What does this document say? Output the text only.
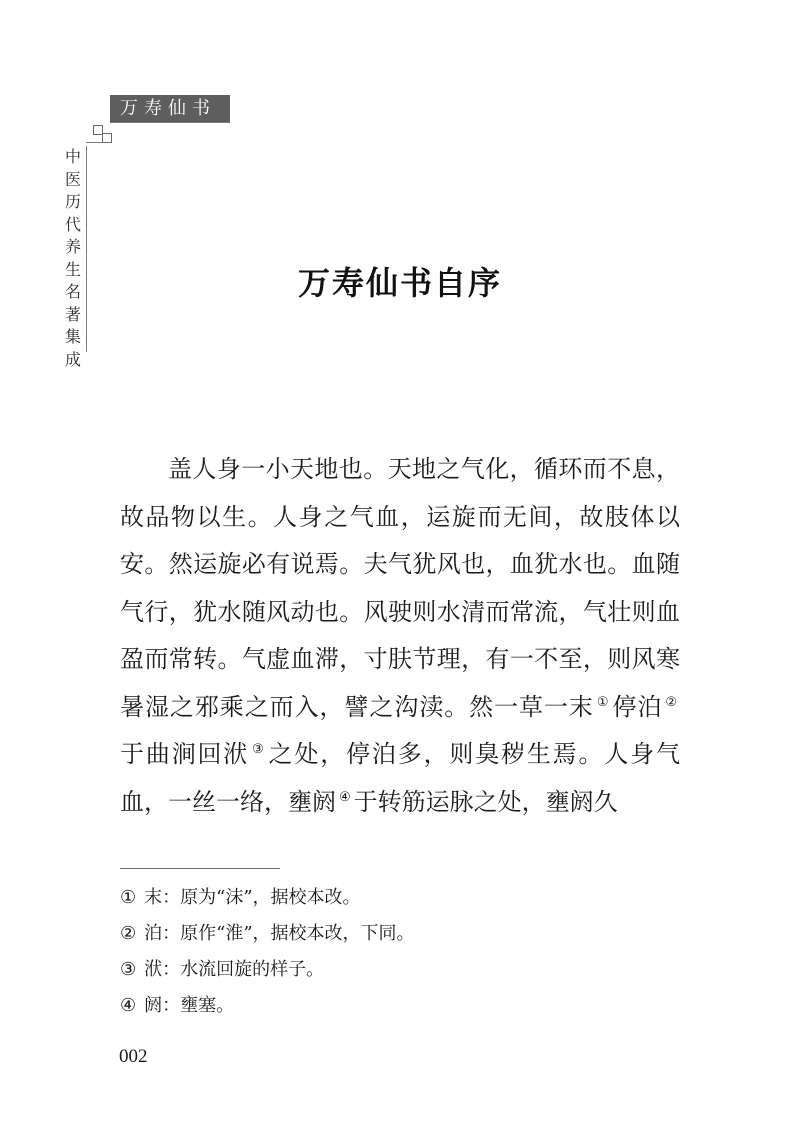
万寿仙书
中医历代养生名著集成
万寿仙书自序

盖人身一小天地也。天地之气化，循环而不息，故品物以生。人身之气血，运旋而无间，故肢体以安。然运旋必有说焉。夫气犹风也，血犹水也。血随气行，犹水随风动也。风驶则水清而常流，气壮则血盈而常转。气虚血滞，寸肤节理，有一不至，则风寒暑湿之邪乘之而入，譬之沟渎。然一草一末 ① 停泊 ②于曲涧回洑 ③ 之处，停泊多，则臭秽生焉。人身气血，一丝一络，壅阏 ④ 于转筋运脉之处，壅阏久

① 末：原为“沫”，据校本改。
② 泊：原作“淮”，据校本改，下同。
③ 洑：水流回旋的样子。
④ 阏：壅塞。
002
